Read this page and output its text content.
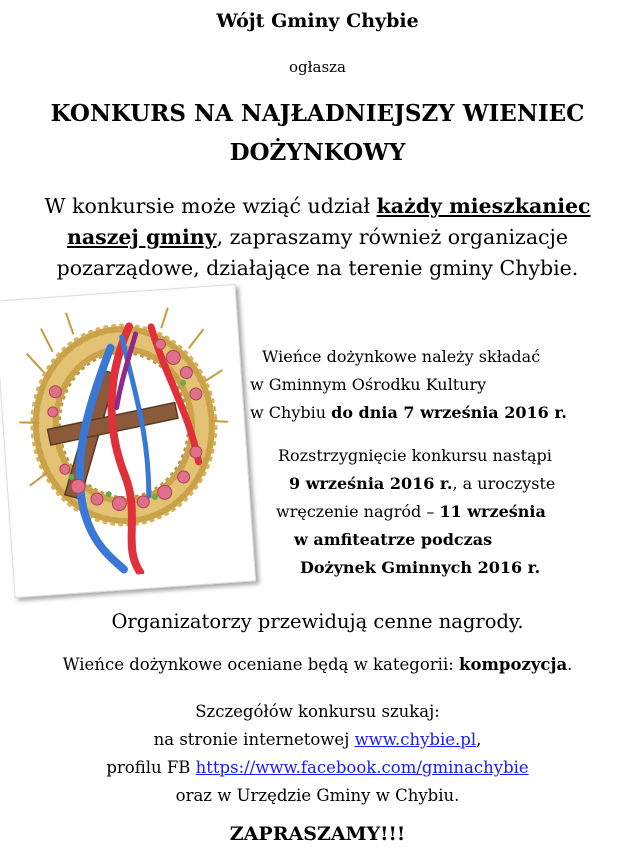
Wójt Gminy Chybie
ogłasza
KONKURS NA NAJŁADNIEJSZY WIENIEC
DOŻYNKOWY
W konkursie może wziąć udział każdy mieszkaniec
naszej gminy, zapraszamy również organizacje
pozarządowe, działające na terenie gminy Chybie.
Wieńce dożynkowe należy składać
w Gminnym Ośrodku Kultury
w Chybiu do dnia 7 września 2016 r.
Rozstrzygnięcie konkursu nastąpi
9 września 2016 r., a uroczyste
wręczenie nagród – 11 września
w amfiteatrze podczas
Dożynek Gminnych 2016 r.
Organizatorzy przewidują cenne nagrody.
Wieńce dożynkowe oceniane będą w kategorii: kompozycja.
Szczegółów konkursu szukaj:
na stronie internetowej www.chybie.pl,
profilu FB https://www.facebook.com/gminachybie
oraz w Urzędzie Gminy w Chybiu.
ZAPRASZAMY!!!
